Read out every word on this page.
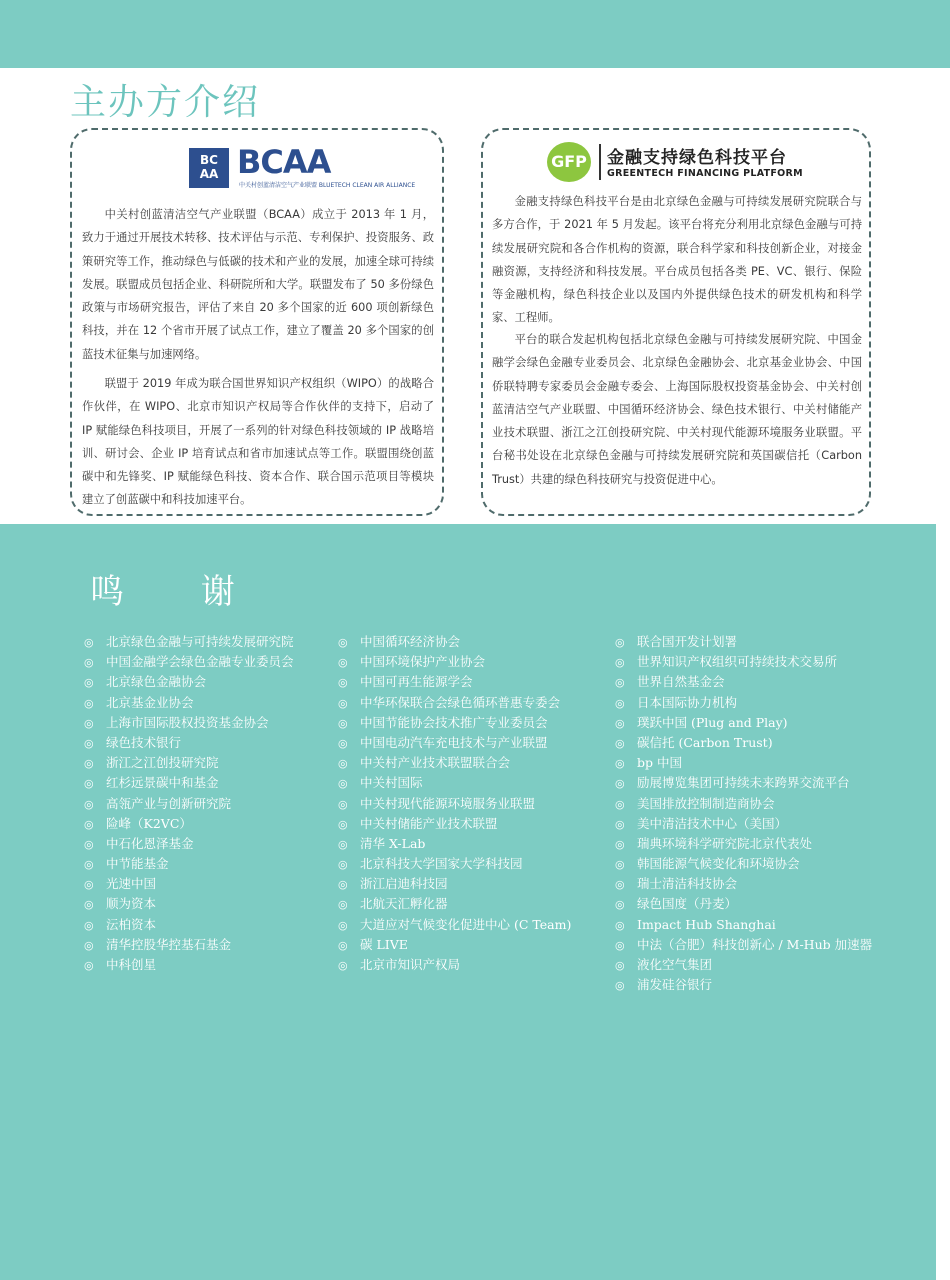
主办方介绍
BC
AA BCAA
中关村创蓝清洁空气产业联盟 BLUETECH CLEAN AIR ALLIANCE

中关村创蓝清洁空气产业联盟（BCAA）成立于 2013 年 1 月，致力于通过开展技术转移、技术评估与示范、专利保护、投资服务、政策研究等工作，推动绿色与低碳的技术和产业的发展，加速全球可持续发展。联盟成员包括企业、科研院所和大学。联盟发布了 50 多份绿色政策与市场研究报告，评估了来自 20 多个国家的近 600 项创新绿色科技，并在 12 个省市开展了试点工作，建立了覆盖 20 多个国家的创蓝技术征集与加速网络。

联盟于 2019 年成为联合国世界知识产权组织（WIPO）的战略合作伙伴，在 WIPO、北京市知识产权局等合作伙伴的支持下，启动了 IP 赋能绿色科技项目，开展了一系列的针对绿色科技领域的 IP 战略培训、研讨会、企业 IP 培育试点和省市加速试点等工作。联盟围绕创蓝碳中和先锋奖、IP 赋能绿色科技、资本合作、联合国示范项目等模块建立了创蓝碳中和科技加速平台。

GFP 金融支持绿色科技平台
GREENTECH FINANCING PLATFORM

金融支持绿色科技平台是由北京绿色金融与可持续发展研究院联合与多方合作，于 2021 年 5 月发起。该平台将充分利用北京绿色金融与可持续发展研究院和各合作机构的资源，联合科学家和科技创新企业，对接金融资源，支持经济和科技发展。平台成员包括各类 PE、VC、银行、保险等金融机构，绿色科技企业以及国内外提供绿色技术的研发机构和科学家、工程师。

平台的联合发起机构包括北京绿色金融与可持续发展研究院、中国金融学会绿色金融专业委员会、北京绿色金融协会、北京基金业协会、中国侨联特聘专家委员会金融专委会、上海国际股权投资基金协会、中关村创蓝清洁空气产业联盟、中国循环经济协会、绿色技术银行、中关村储能产业技术联盟、浙江之江创投研究院、中关村现代能源环境服务业联盟。平台秘书处设在北京绿色金融与可持续发展研究院和英国碳信托（Carbon Trust）共建的绿色科技研究与投资促进中心。

鸣 谢
◎ 北京绿色金融与可持续发展研究院
◎ 中国金融学会绿色金融专业委员会
◎ 北京绿色金融协会
◎ 北京基金业协会
◎ 上海市国际股权投资基金协会
◎ 绿色技术银行
◎ 浙江之江创投研究院
◎ 红杉远景碳中和基金
◎ 高瓴产业与创新研究院
◎ 险峰（K2VC）
◎ 中石化恩泽基金
◎ 中节能基金
◎ 光速中国
◎ 顺为资本
◎ 沄柏资本
◎ 清华控股华控基石基金
◎ 中科创星
◎ 中国循环经济协会
◎ 中国环境保护产业协会
◎ 中国可再生能源学会
◎ 中华环保联合会绿色循环普惠专委会
◎ 中国节能协会技术推广专业委员会
◎ 中国电动汽车充电技术与产业联盟
◎ 中关村产业技术联盟联合会
◎ 中关村国际
◎ 中关村现代能源环境服务业联盟
◎ 中关村储能产业技术联盟
◎ 清华 X-Lab
◎ 北京科技大学国家大学科技园
◎ 浙江启迪科技园
◎ 北航天汇孵化器
◎ 大道应对气候变化促进中心 (C Team)
◎ 碳 LIVE
◎ 北京市知识产权局
◎ 联合国开发计划署
◎ 世界知识产权组织可持续技术交易所
◎ 世界自然基金会
◎ 日本国际协力机构
◎ 璞跃中国 (Plug and Play)
◎ 碳信托 (Carbon Trust)
◎ bp 中国
◎ 励展博览集团可持续未来跨界交流平台
◎ 美国排放控制制造商协会
◎ 美中清洁技术中心（美国）
◎ 瑞典环境科学研究院北京代表处
◎ 韩国能源气候变化和环境协会
◎ 瑞士清洁科技协会
◎ 绿色国度（丹麦）
◎ Impact Hub Shanghai
◎ 中法（合肥）科技创新心 / M-Hub 加速器
◎ 液化空气集团
◎ 浦发硅谷银行
